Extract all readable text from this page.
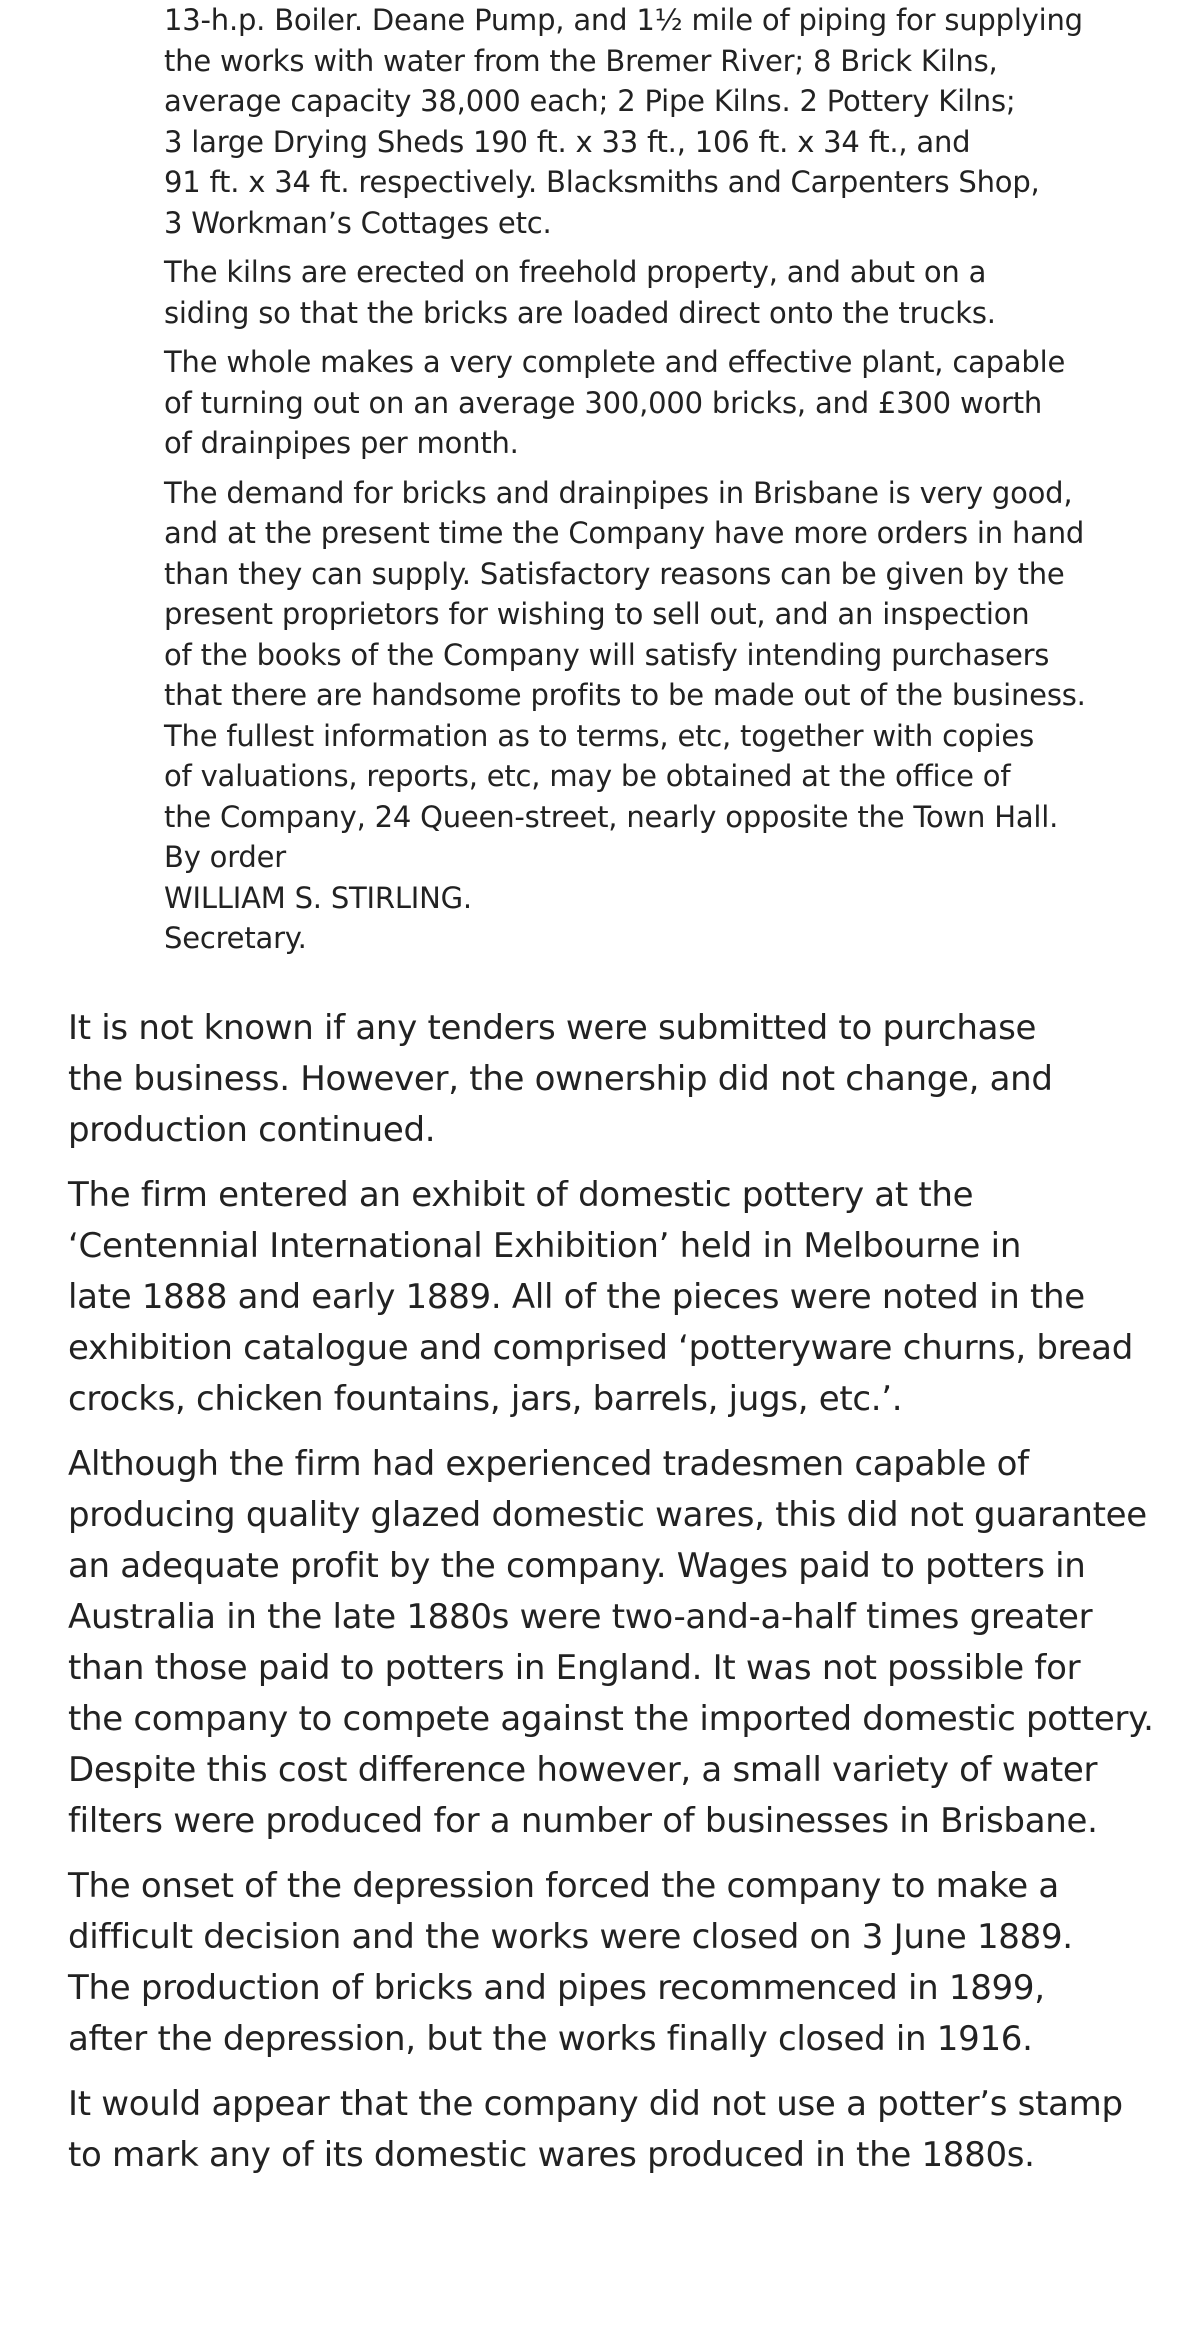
13-h.p. Boiler. Deane Pump, and 1½ mile of piping for supplying
the works with water from the Bremer River; 8 Brick Kilns,
average capacity 38,000 each; 2 Pipe Kilns. 2 Pottery Kilns;
3 large Drying Sheds 190 ft. x 33 ft., 106 ft. x 34 ft., and
91 ft. x 34 ft. respectively. Blacksmiths and Carpenters Shop,
3 Workman’s Cottages etc.

The kilns are erected on freehold property, and abut on a
siding so that the bricks are loaded direct onto the trucks.

The whole makes a very complete and effective plant, capable
of turning out on an average 300,000 bricks, and £300 worth
of drainpipes per month.

The demand for bricks and drainpipes in Brisbane is very good,
and at the present time the Company have more orders in hand
than they can supply. Satisfactory reasons can be given by the
present proprietors for wishing to sell out, and an inspection
of the books of the Company will satisfy intending purchasers
that there are handsome profits to be made out of the business.
The fullest information as to terms, etc, together with copies
of valuations, reports, etc, may be obtained at the office of
the Company, 24 Queen-street, nearly opposite the Town Hall.
By order
WILLIAM S. STIRLING.
Secretary.

It is not known if any tenders were submitted to purchase
the business. However, the ownership did not change, and
production continued.

The firm entered an exhibit of domestic pottery at the
‘Centennial International Exhibition’ held in Melbourne in
late 1888 and early 1889. All of the pieces were noted in the
exhibition catalogue and comprised ‘potteryware churns, bread
crocks, chicken fountains, jars, barrels, jugs, etc.’.

Although the firm had experienced tradesmen capable of
producing quality glazed domestic wares, this did not guarantee
an adequate profit by the company. Wages paid to potters in
Australia in the late 1880s were two-and-a-half times greater
than those paid to potters in England. It was not possible for
the company to compete against the imported domestic pottery.
Despite this cost difference however, a small variety of water
filters were produced for a number of businesses in Brisbane.

The onset of the depression forced the company to make a
difficult decision and the works were closed on 3 June 1889.
The production of bricks and pipes recommenced in 1899,
after the depression, but the works finally closed in 1916.

It would appear that the company did not use a potter’s stamp
to mark any of its domestic wares produced in the 1880s.
